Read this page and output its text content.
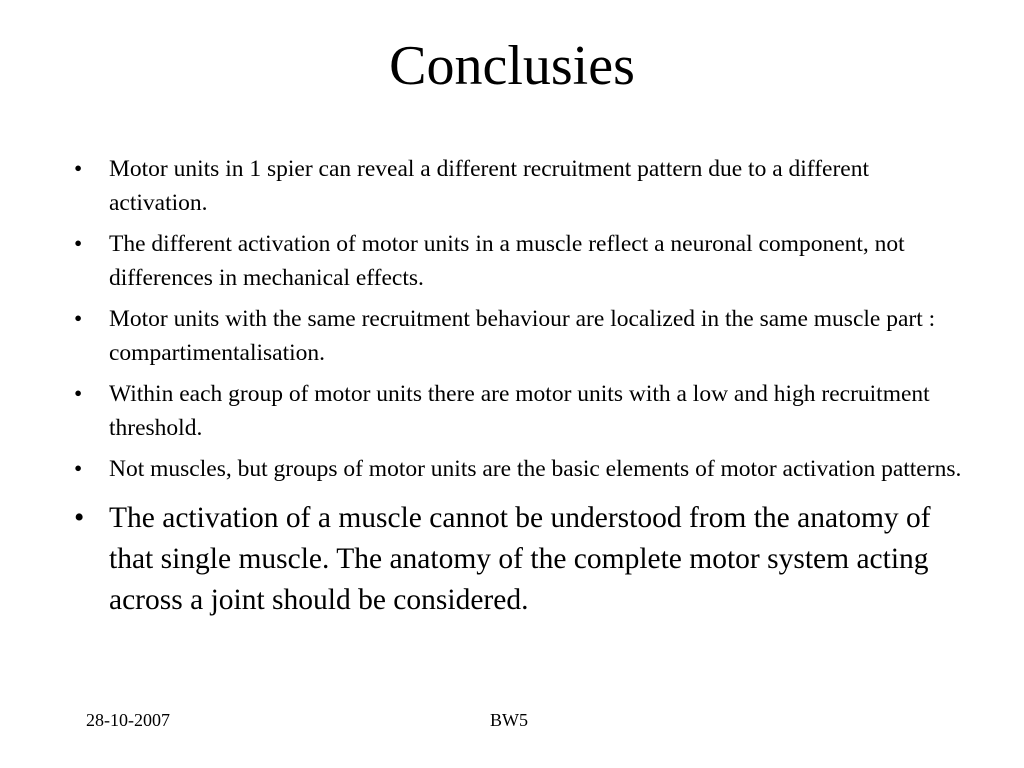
Conclusies
• Motor units in 1 spier can reveal a different recruitment pattern due to a different activation.
• The different activation of motor units in a muscle reflect a neuronal component, not differences in mechanical effects.
• Motor units with the same recruitment behaviour are localized in the same muscle part : compartimentalisation.
• Within each group of motor units there are motor units with a low and high recruitment threshold.
• Not muscles, but groups of motor units are the basic elements of motor activation patterns.
• The activation of a muscle cannot be understood from the anatomy of that single muscle. The anatomy of the complete motor system acting across a joint should be considered.
28-10-2007	BW5
